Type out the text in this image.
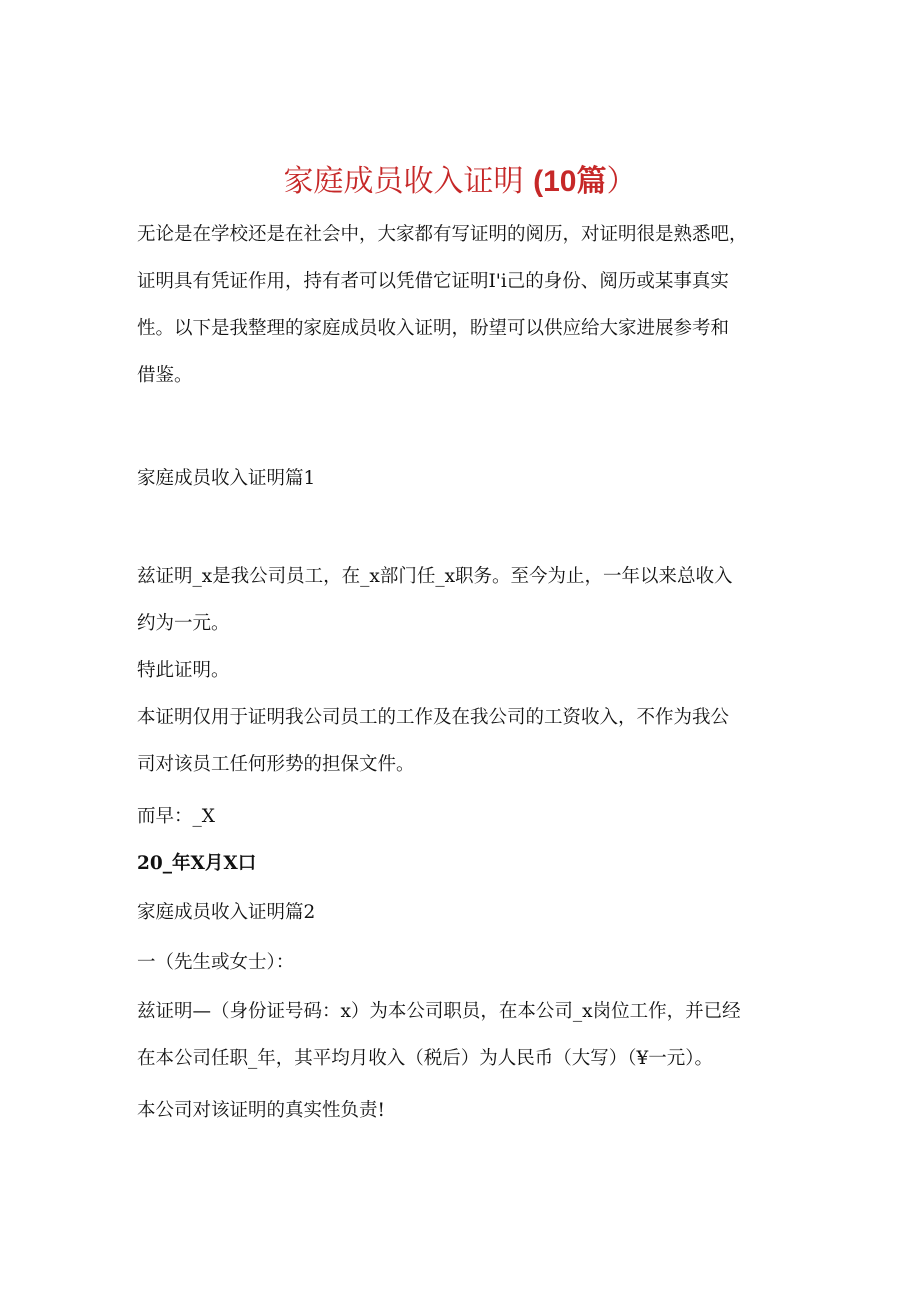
家庭成员收入证明 (10篇）

无论是在学校还是在社会中，大家都有写证明的阅历，对证明很是熟悉吧，
证明具有凭证作用，持有者可以凭借它证明I'i己的身份、阅历或某事真实
性。以下是我整理的家庭成员收入证明，盼望可以供应给大家进展参考和
借鉴。

家庭成员收入证明篇1

兹证明_x是我公司员工，在_x部门任_x职务。至今为止，一年以来总收入
约为一元。

特此证明。

本证明仅用于证明我公司员工的工作及在我公司的工资收入，不作为我公
司对该员工任何形势的担保文件。

而早：_X

20_年X月X口

家庭成员收入证明篇2

一（先生或女士）：

兹证明—（身份证号码：x）为本公司职员，在本公司_x岗位工作，并已经
在本公司任职_年，其平均月收入（税后）为人民币（大写）（¥一元）。

本公司对该证明的真实性负责!
